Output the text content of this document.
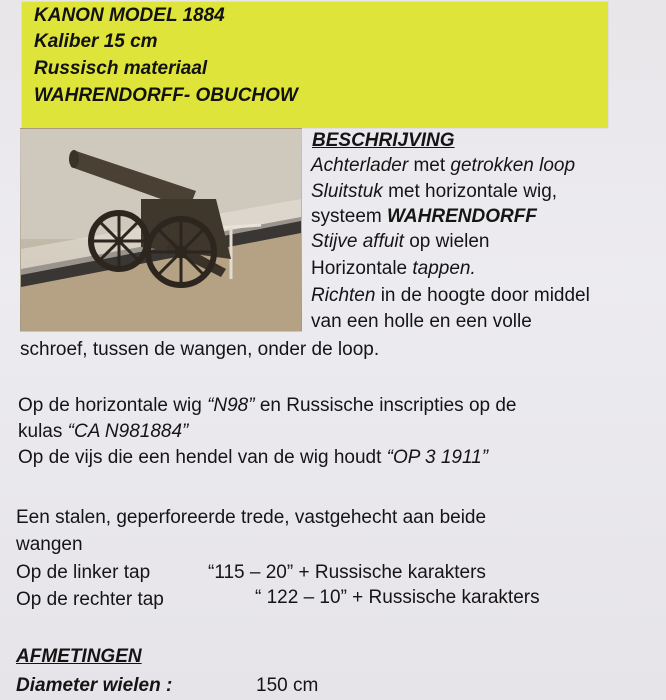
KANON MODEL 1884
Kaliber 15 cm
Russisch materiaal
WAHRENDORFF- OBUCHOW
BESCHRIJVING
Achterlader met getrokken loop
Sluitstuk met horizontale wig,
systeem WAHRENDORFF
Stijve affuit op wielen
Horizontale tappen.
Richten in de hoogte door middel
van een holle en een volle
schroef, tussen de wangen, onder de loop.
Op de horizontale wig “N98” en Russische inscripties op de
kulas “CA N981884”
Op de vijs die een hendel van de wig houdt “OP 3 1911”
Een stalen, geperforeerde trede, vastgehecht aan beide
wangen
Op de linker tap	“115 – 20” + Russische karakters
Op de rechter tap	“ 122 – 10” + Russische karakters
AFMETINGEN
Diameter wielen :	150 cm
